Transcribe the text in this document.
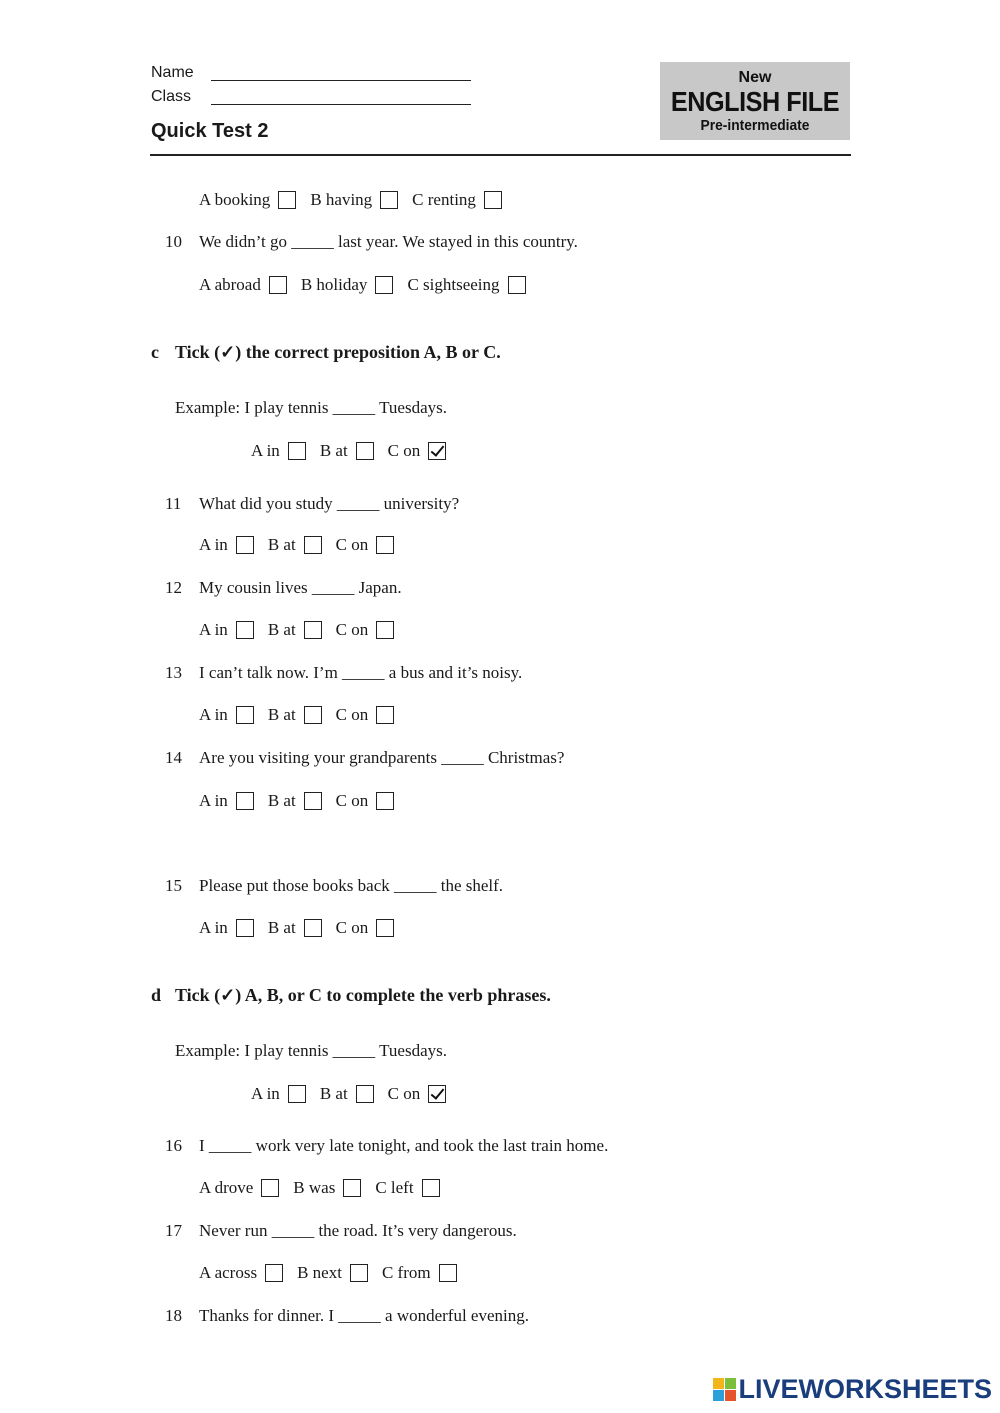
Name
Class
Quick Test 2
New
ENGLISH FILE
Pre-intermediate
A booking B having C renting
10 We didn’t go _____ last year. We stayed in this country.
A abroad B holiday C sightseeing
c Tick (✓) the correct preposition A, B or C.
Example: I play tennis _____ Tuesdays.
A in B at C on
11 What did you study _____ university?
A in B at C on
12 My cousin lives _____ Japan.
A in B at C on
13 I can’t talk now. I’m _____ a bus and it’s noisy.
A in B at C on
14 Are you visiting your grandparents _____ Christmas?
A in B at C on
15 Please put those books back _____ the shelf.
A in B at C on
d Tick (✓) A, B, or C to complete the verb phrases.
Example: I play tennis _____ Tuesdays.
A in B at C on
16 I _____ work very late tonight, and took the last train home.
A drove B was C left
17 Never run _____ the road. It’s very dangerous.
A across B next C from
18 Thanks for dinner. I _____ a wonderful evening.
LIVEWORKSHEETS
